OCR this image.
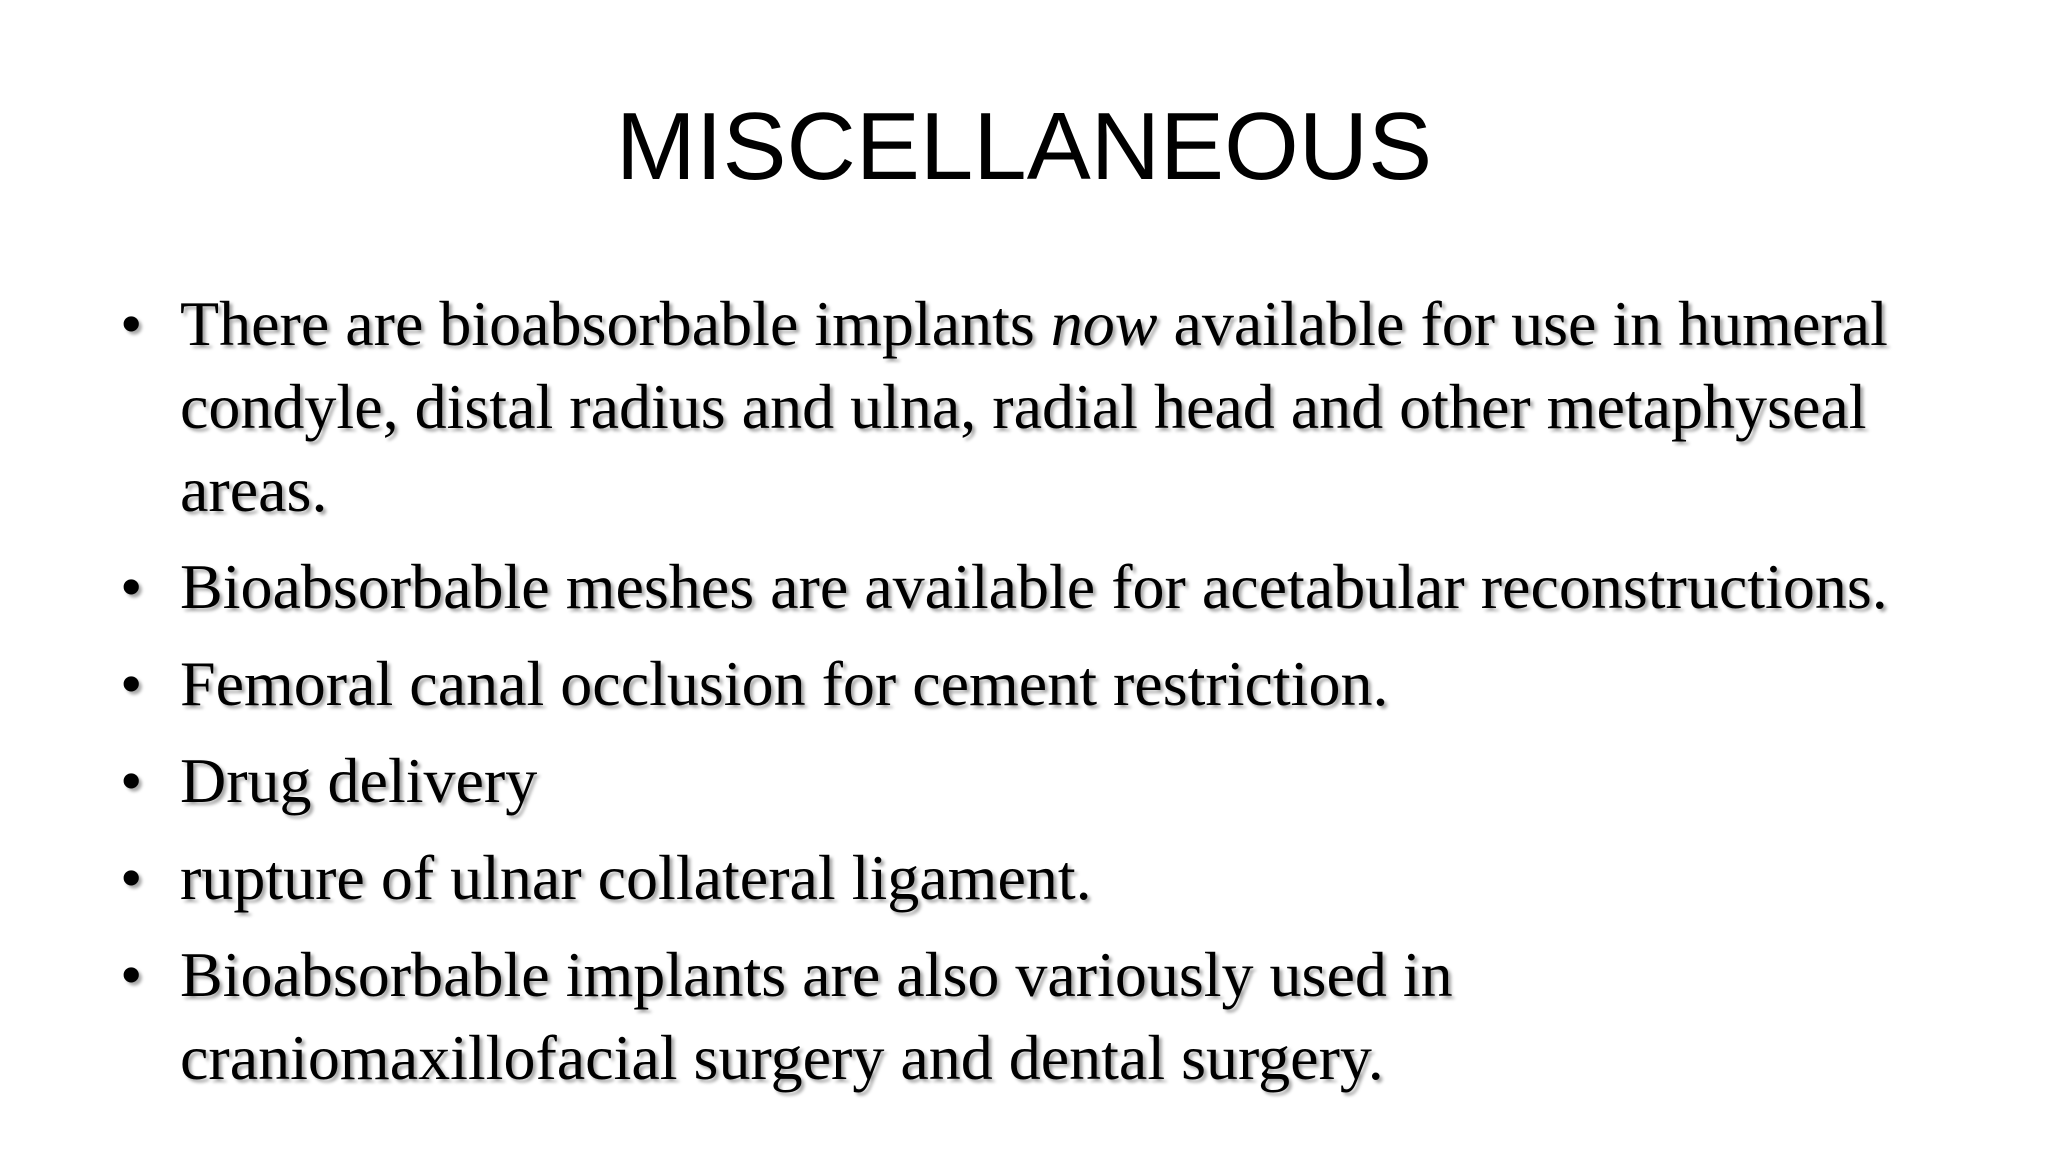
MISCELLANEOUS
• There are bioabsorbable implants now available for use in humeral condyle, distal radius and ulna, radial head and other metaphyseal areas.
• Bioabsorbable meshes are available for acetabular reconstructions.
• Femoral canal occlusion for cement restriction.
• Drug delivery
• rupture of ulnar collateral ligament.
• Bioabsorbable implants are also variously used in craniomaxillofacial surgery and dental surgery.
